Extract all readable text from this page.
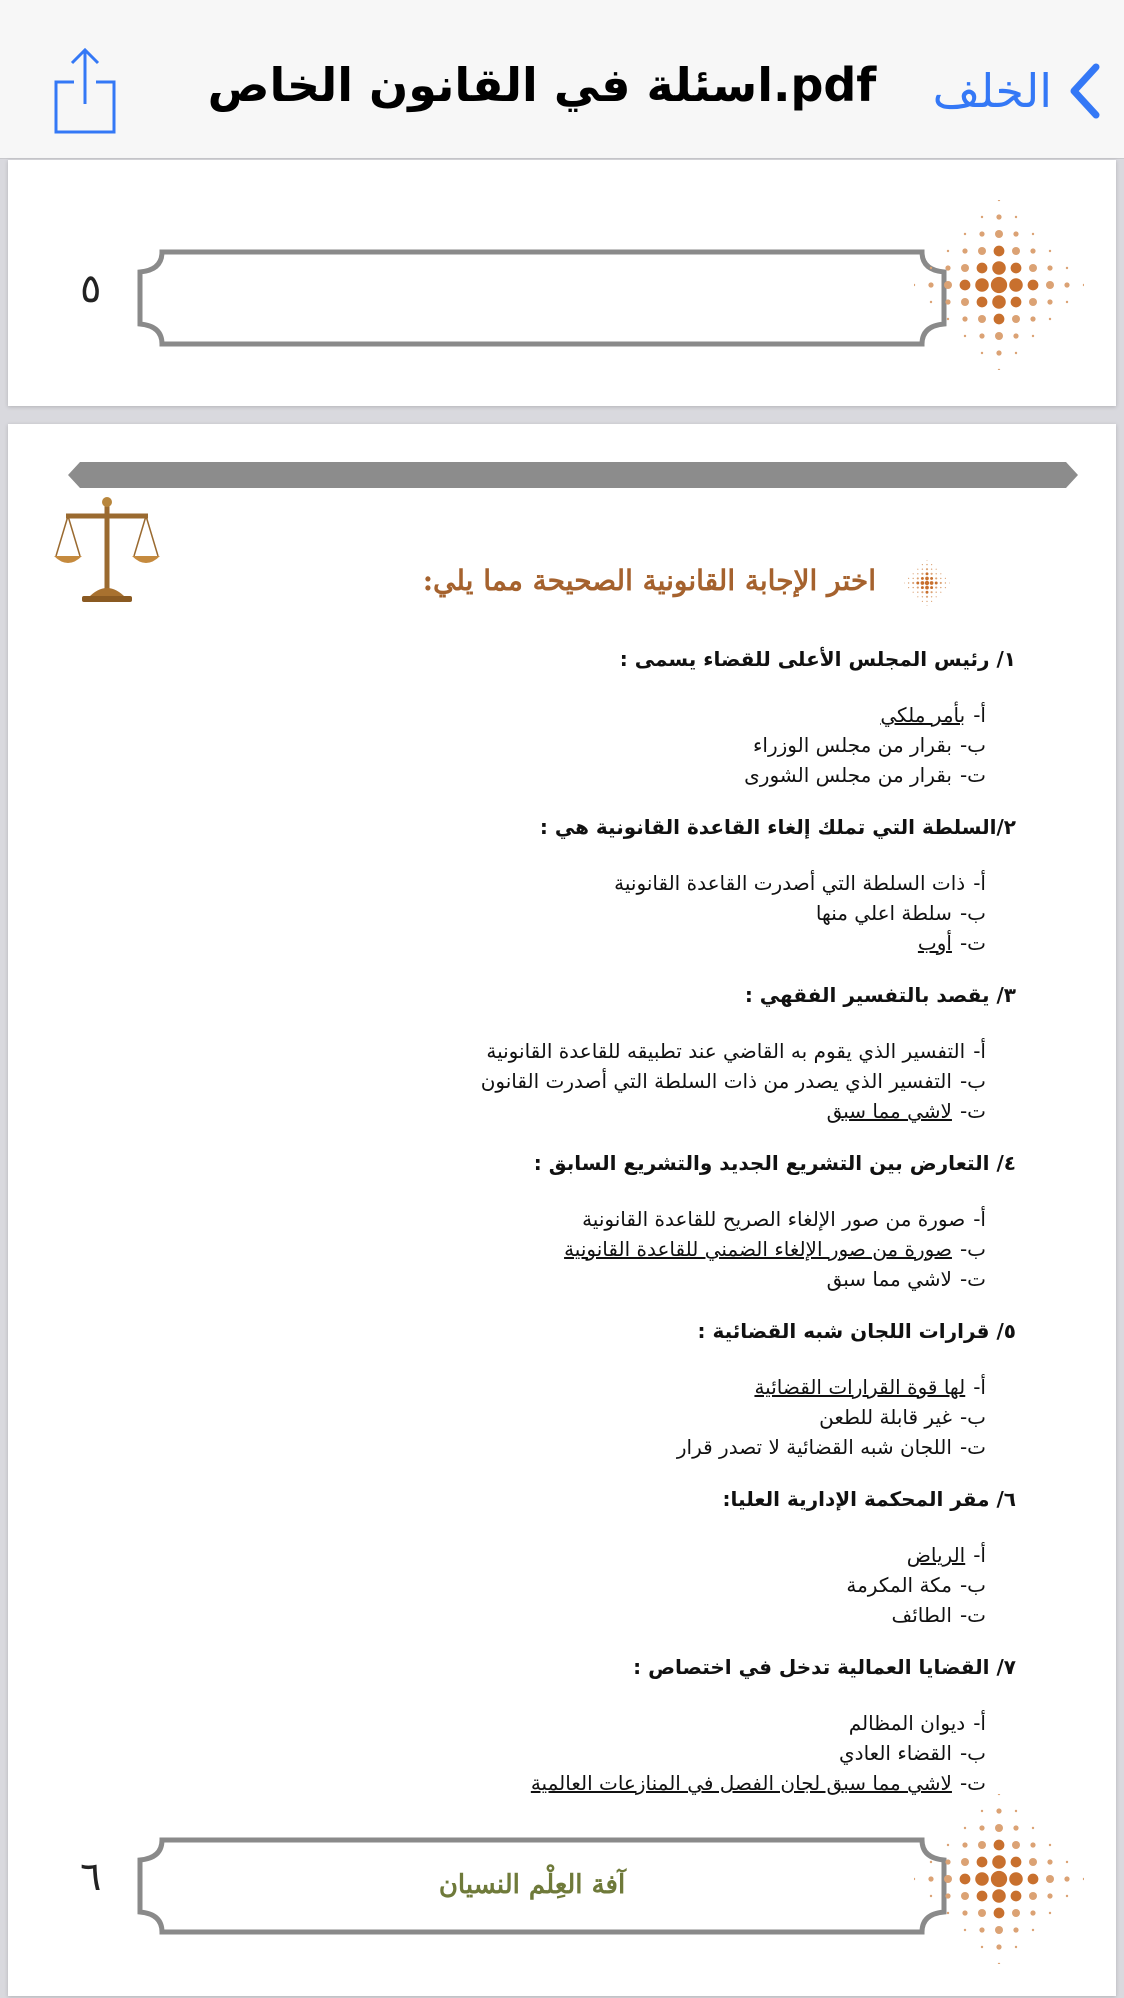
الخلف
اسئلة في القانون الخاص.pdf
٥
اختر الإجابة القانونية الصحيحة مما يلي:
١/ رئيس المجلس الأعلى للقضاء يسمى :
أ-بأمر ملكي
ب-بقرار من مجلس الوزراء
ت-بقرار من مجلس الشورى
٢/السلطة التي تملك إلغاء القاعدة القانونية هي :
أ-ذات السلطة التي أصدرت القاعدة القانونية
ب-سلطة اعلي منها
ت-أوب
٣/ يقصد بالتفسير الفقهي :
أ-التفسير الذي يقوم به القاضي عند تطبيقه للقاعدة القانونية
ب-التفسير الذي يصدر من ذات السلطة التي أصدرت القانون
ت-لاشي مما سبق
٤/ التعارض بين التشريع الجديد والتشريع السابق :
أ-صورة من صور الإلغاء الصريح للقاعدة القانونية
ب-صورة من صور الإلغاء الضمني للقاعدة القانونية
ت-لاشي مما سبق
٥/ قرارات اللجان شبه القضائية :
أ-لها قوة القرارات القضائية
ب-غير قابلة للطعن
ت-اللجان شبه القضائية لا تصدر قرار
٦/ مقر المحكمة الإدارية العليا:
أ-الرياض
ب-مكة المكرمة
ت-الطائف
٧/ القضايا العمالية تدخل في اختصاص :
أ-ديوان المظالم
ب-القضاء العادي
ت-لاشي مما سبق لجان الفصل في المنازعات العالمية
آفة العِلْم النسيان
٦
